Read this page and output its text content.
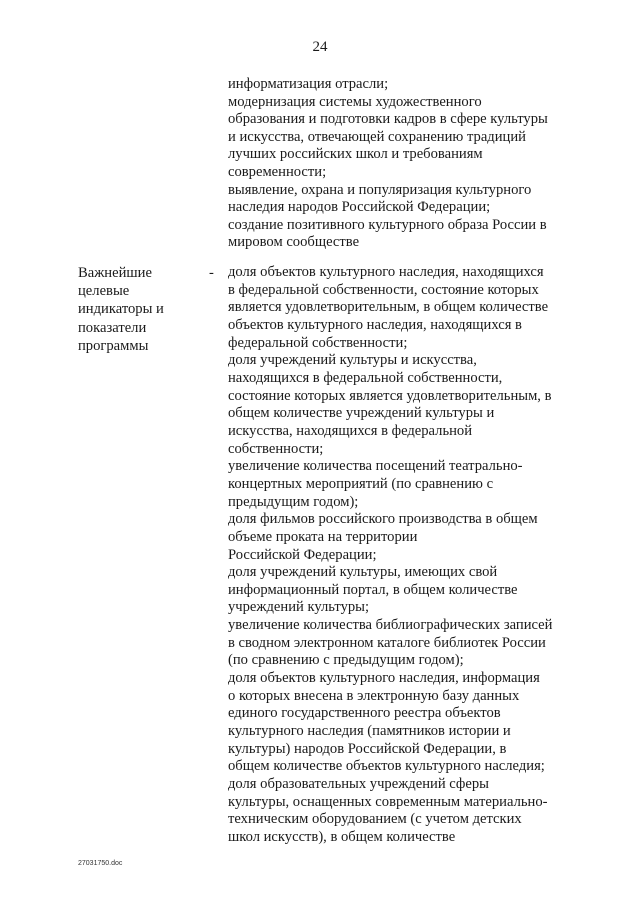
24
информатизация отрасли;
модернизация системы художественного
образования и подготовки кадров в сфере культуры
и искусства, отвечающей сохранению традиций
лучших российских школ и требованиям
современности;
выявление, охрана и популяризация культурного
наследия народов Российской Федерации;
создание позитивного культурного образа России в
мировом сообществе
Важнейшие
целевые
индикаторы и
показатели
программы
- доля объектов культурного наследия, находящихся
в федеральной собственности, состояние которых
является удовлетворительным, в общем количестве
объектов культурного наследия, находящихся в
федеральной собственности;
доля учреждений культуры и искусства,
находящихся в федеральной собственности,
состояние которых является удовлетворительным, в
общем количестве учреждений культуры и
искусства, находящихся в федеральной
собственности;
увеличение количества посещений театрально-
концертных мероприятий (по сравнению с
предыдущим годом);
доля фильмов российского производства в общем
объеме проката на территории
Российской Федерации;
доля учреждений культуры, имеющих свой
информационный портал, в общем количестве
учреждений культуры;
увеличение количества библиографических записей
в сводном электронном каталоге библиотек России
(по сравнению с предыдущим годом);
доля объектов культурного наследия, информация
о которых внесена в электронную базу данных
единого государственного реестра объектов
культурного наследия (памятников истории и
культуры) народов Российской Федерации, в
общем количестве объектов культурного наследия;
доля образовательных учреждений сферы
культуры, оснащенных современным материально-
техническим оборудованием (с учетом детских
школ искусств), в общем количестве
27031750.doc
